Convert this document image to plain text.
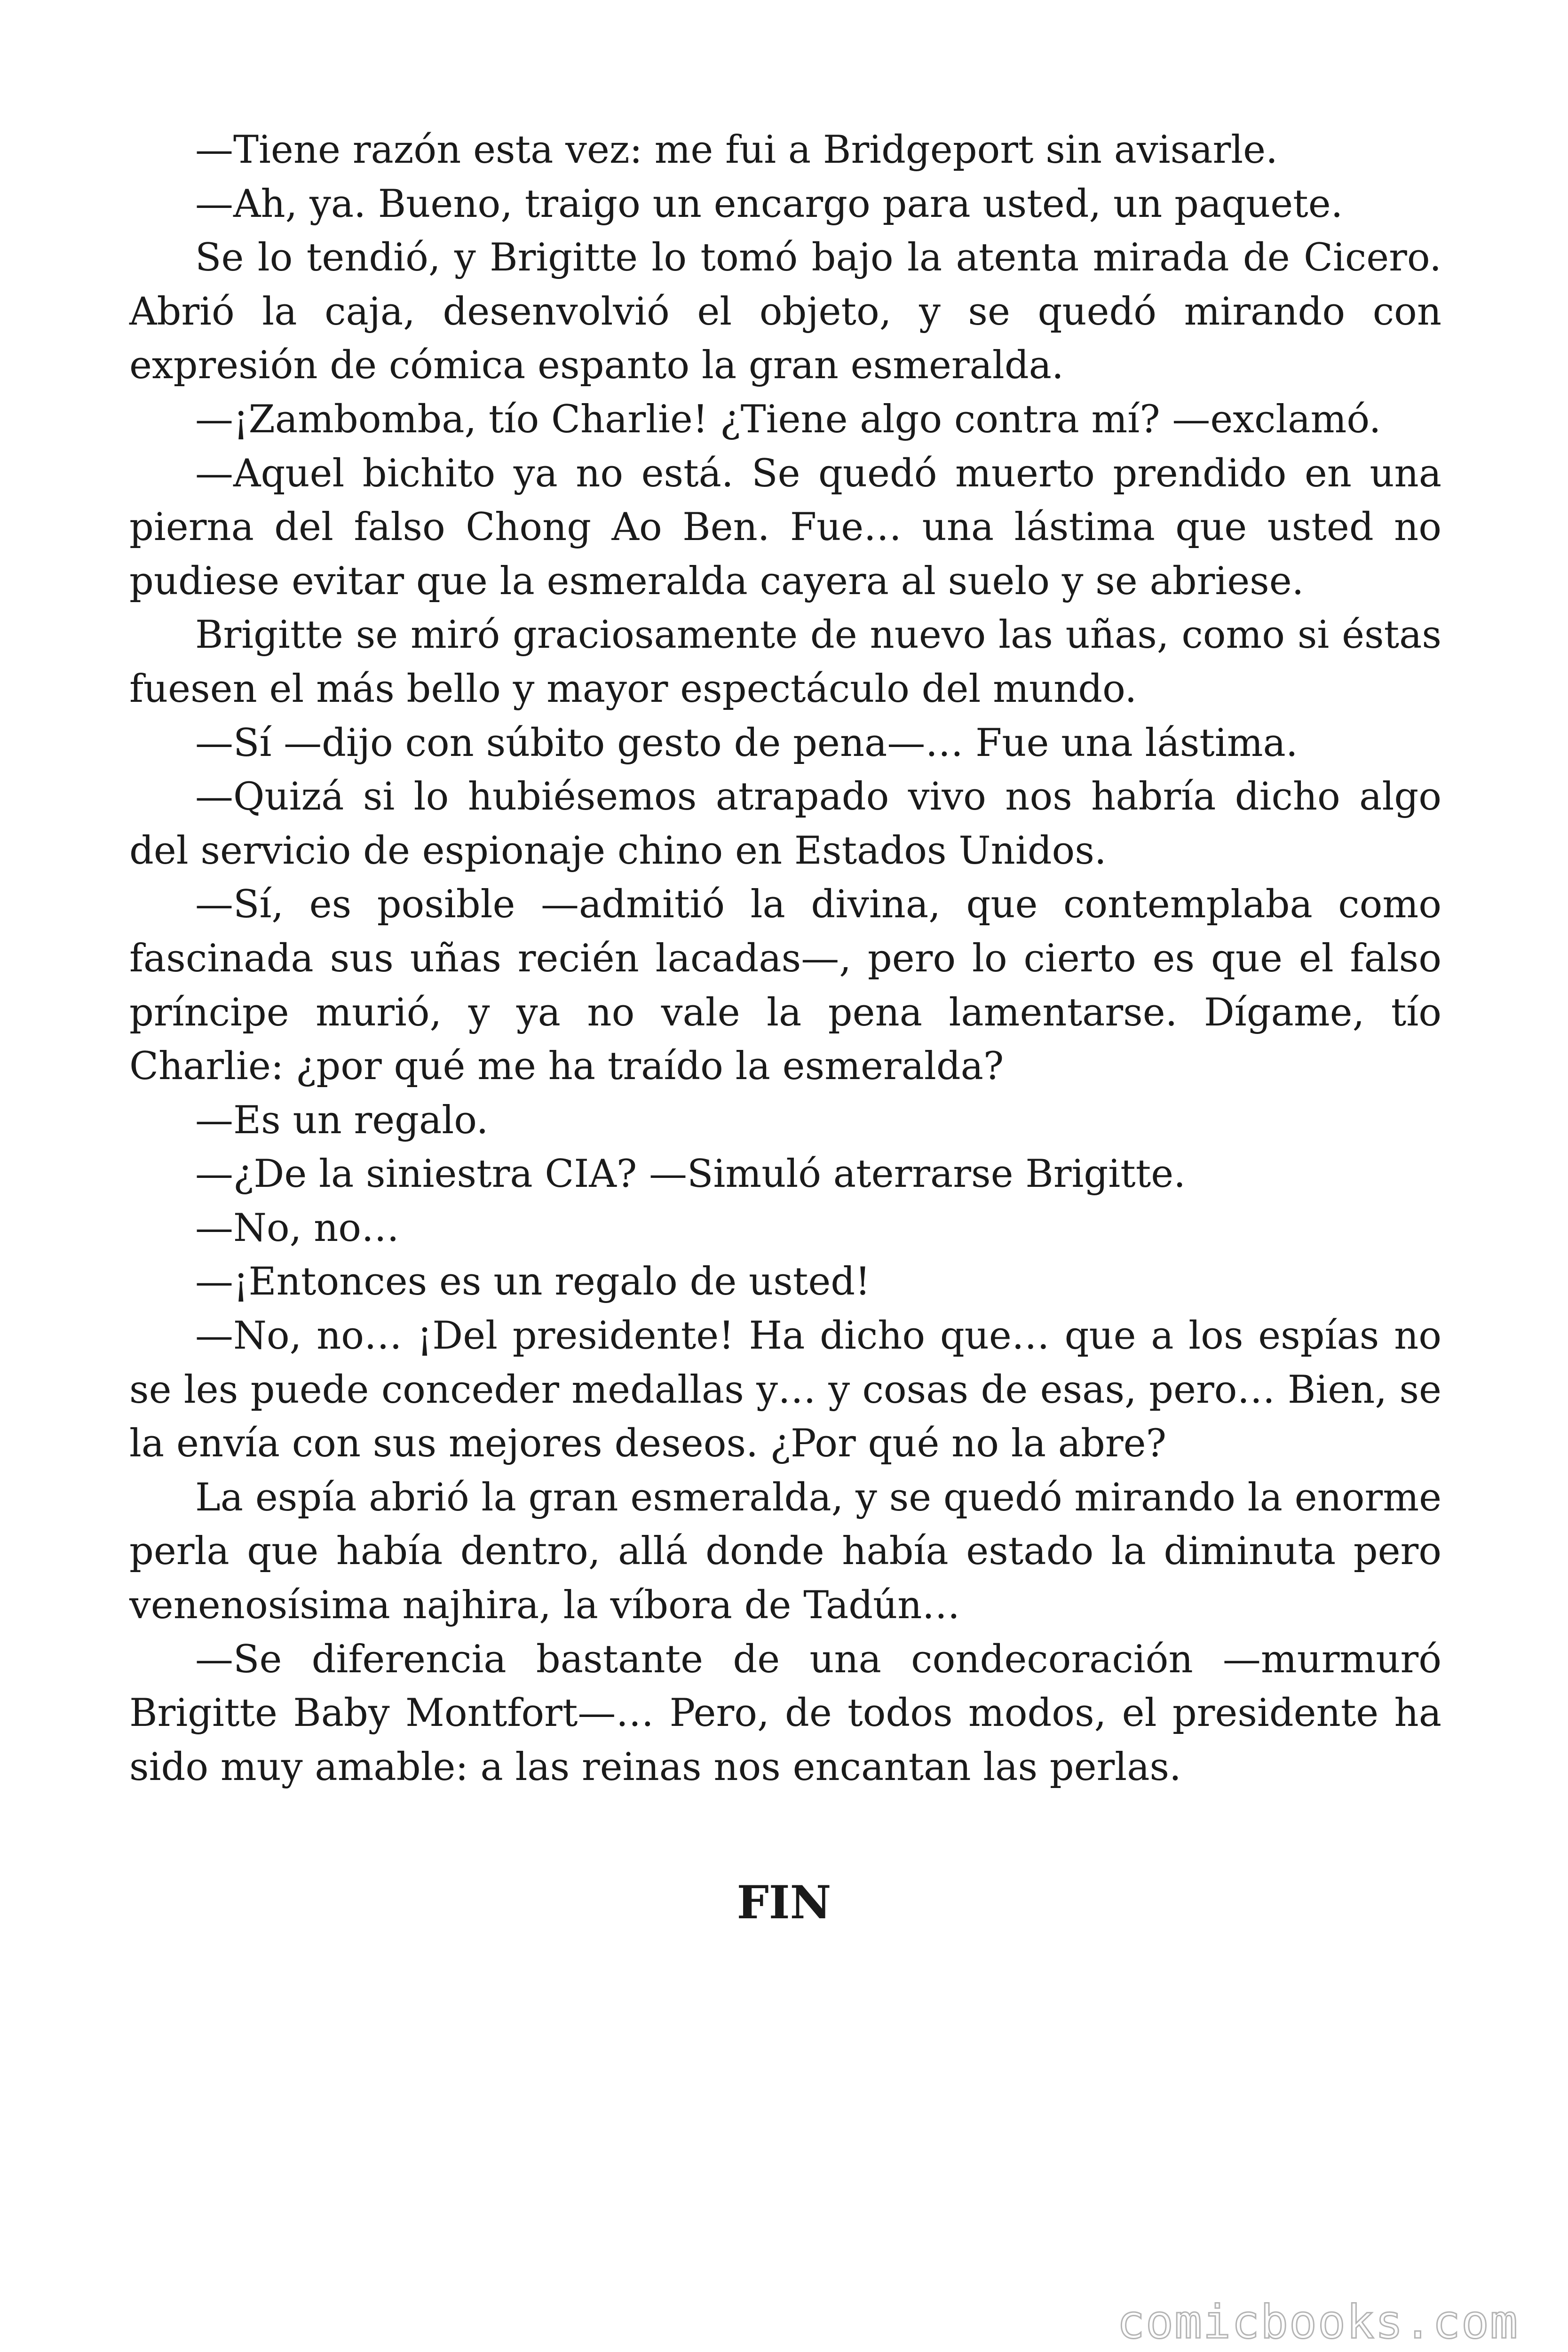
—Tiene razón esta vez: me fui a Bridgeport sin avisarle.

—Ah, ya. Bueno, traigo un encargo para usted, un paquete.

Se lo tendió, y Brigitte lo tomó bajo la atenta mirada de Cicero. Abrió la caja, desenvolvió el objeto, y se quedó mirando con expresión de cómica espanto la gran esmeralda.

—¡Zambomba, tío Charlie! ¿Tiene algo contra mí? —exclamó.

—Aquel bichito ya no está. Se quedó muerto prendido en una pierna del falso Chong Ao Ben. Fue… una lástima que usted no pudiese evitar que la esmeralda cayera al suelo y se abriese.

Brigitte se miró graciosamente de nuevo las uñas, como si éstas fuesen el más bello y mayor espectáculo del mundo.

—Sí —dijo con súbito gesto de pena—… Fue una lástima.

—Quizá si lo hubiésemos atrapado vivo nos habría dicho algo del servicio de espionaje chino en Estados Unidos.

—Sí, es posible —admitió la divina, que contemplaba como fascinada sus uñas recién lacadas—, pero lo cierto es que el falso príncipe murió, y ya no vale la pena lamentarse. Dígame, tío Charlie: ¿por qué me ha traído la esmeralda?

—Es un regalo.

—¿De la siniestra CIA? —Simuló aterrarse Brigitte.

—No, no…

—¡Entonces es un regalo de usted!

—No, no… ¡Del presidente! Ha dicho que… que a los espías no se les puede conceder medallas y… y cosas de esas, pero… Bien, se la envía con sus mejores deseos. ¿Por qué no la abre?

La espía abrió la gran esmeralda, y se quedó mirando la enorme perla que había dentro, allá donde había estado la diminuta pero venenosísima najhira, la víbora de Tadún…

—Se diferencia bastante de una condecoración —murmuró Brigitte Baby Montfort—… Pero, de todos modos, el presidente ha sido muy amable: a las reinas nos encantan las perlas.

FIN

comicbooks.com
